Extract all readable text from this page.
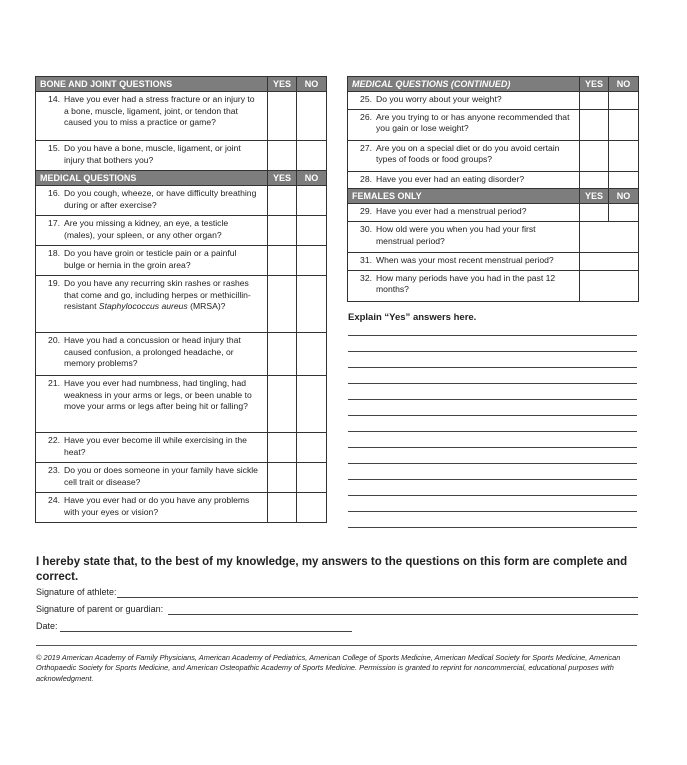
BONE AND JOINT QUESTIONS	YES	NO
14. Have you ever had a stress fracture or an injury to a bone, muscle, ligament, joint, or tendon that caused you to miss a practice or game?		
15. Do you have a bone, muscle, ligament, or joint injury that bothers you?		
MEDICAL QUESTIONS	YES	NO
16. Do you cough, wheeze, or have difficulty breathing during or after exercise?		
17. Are you missing a kidney, an eye, a testicle (males), your spleen, or any other organ?		
18. Do you have groin or testicle pain or a painful bulge or hernia in the groin area?		
19. Do you have any recurring skin rashes or rashes that come and go, including herpes or methicillin-resistant Staphylococcus aureus (MRSA)?		
20. Have you had a concussion or head injury that caused confusion, a prolonged headache, or memory problems?		
21. Have you ever had numbness, had tingling, had weakness in your arms or legs, or been unable to move your arms or legs after being hit or falling?		
22. Have you ever become ill while exercising in the heat?		
23. Do you or does someone in your family have sickle cell trait or disease?		
24. Have you ever had or do you have any problems with your eyes or vision?		
MEDICAL QUESTIONS (CONTINUED)	YES	NO
25. Do you worry about your weight?		
26. Are you trying to or has anyone recommended that you gain or lose weight?		
27. Are you on a special diet or do you avoid certain types of foods or food groups?		
28. Have you ever had an eating disorder?		
FEMALES ONLY	YES	NO
29. Have you ever had a menstrual period?		
30. How old were you when you had your first menstrual period?		
31. When was your most recent menstrual period?		
32. How many periods have you had in the past 12 months?		
Explain “Yes” answers here.
I hereby state that, to the best of my knowledge, my answers to the questions on this form are complete and correct.
Signature of athlete:
Signature of parent or guardian:
Date:
© 2019 American Academy of Family Physicians, American Academy of Pediatrics, American College of Sports Medicine, American Medical Society for Sports Medicine, American Orthopaedic Society for Sports Medicine, and American Osteopathic Academy of Sports Medicine. Permission is granted to reprint for noncommercial, educational purposes with acknowledgment.
